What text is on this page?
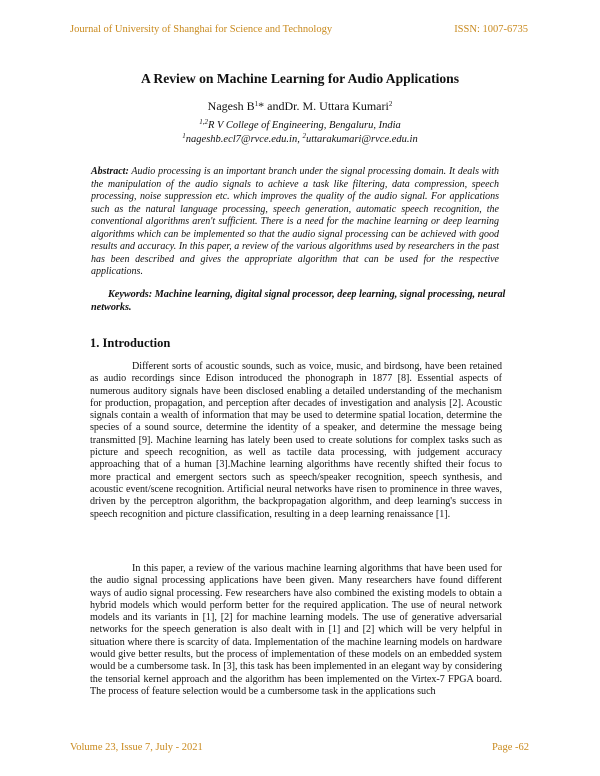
Journal of University of Shanghai for Science and Technology	ISSN: 1007-6735
A Review on Machine Learning for Audio Applications
Nagesh $B^1*$ andDr. M. Uttara Kumari$^2$
$^{1,2}$R V College of Engineering, Bengaluru, India
$^1$nageshb.ecl7@rvce.edu.in, $^2$uttarakumari@rvce.edu.in
Abstract: Audio processing is an important branch under the signal processing domain. It deals with the manipulation of the audio signals to achieve a task like filtering, data compression, speech processing, noise suppression etc. which improves the quality of the audio signal. For applications such as the natural language processing, speech generation, automatic speech recognition, the conventional algorithms aren't sufficient. There is a need for the machine learning or deep learning algorithms which can be implemented so that the audio signal processing can be achieved with good results and accuracy. In this paper, a review of the various algorithms used by researchers in the past has been described and gives the appropriate algorithm that can be used for the respective applications.
Keywords: Machine learning, digital signal processor, deep learning, signal processing, neural networks.
1. Introduction
Different sorts of acoustic sounds, such as voice, music, and birdsong, have been retained as audio recordings since Edison introduced the phonograph in 1877 [8]. Essential aspects of numerous auditory signals have been disclosed enabling a detailed understanding of the mechanism for production, propagation, and perception after decades of investigation and analysis [2]. Acoustic signals contain a wealth of information that may be used to determine spatial location, determine the species of a sound source, determine the identity of a speaker, and determine the message being transmitted [9]. Machine learning has lately been used to create solutions for complex tasks such as picture and speech recognition, as well as tactile data processing, with judgement accuracy approaching that of a human [3].Machine learning algorithms have recently shifted their focus to more practical and emergent sectors such as speech/speaker recognition, speech synthesis, and acoustic event/scene recognition. Artificial neural networks have risen to prominence in three waves, driven by the perceptron algorithm, the backpropagation algorithm, and deep learning's success in speech recognition and picture classification, resulting in a deep learning renaissance [1].
In this paper, a review of the various machine learning algorithms that have been used for the audio signal processing applications have been given. Many researchers have found different ways of audio signal processing. Few researchers have also combined the existing models to obtain a hybrid models which would perform better for the required application. The use of neural network models and its variants in [1], [2] for machine learning models. The use of generative adversarial networks for the speech generation is also dealt with in [1] and [2] which will be very helpful in situation where there is scarcity of data. Implementation of the machine learning models on hardware would give better results, but the process of implementation of these models on an embedded system would be a cumbersome task. In [3], this task has been implemented in an elegant way by considering the tensorial kernel approach and the algorithm has been implemented on the Virtex-7 FPGA board. The process of feature selection would be a cumbersome task in the applications such
Volume 23, Issue 7, July - 2021	Page -62
